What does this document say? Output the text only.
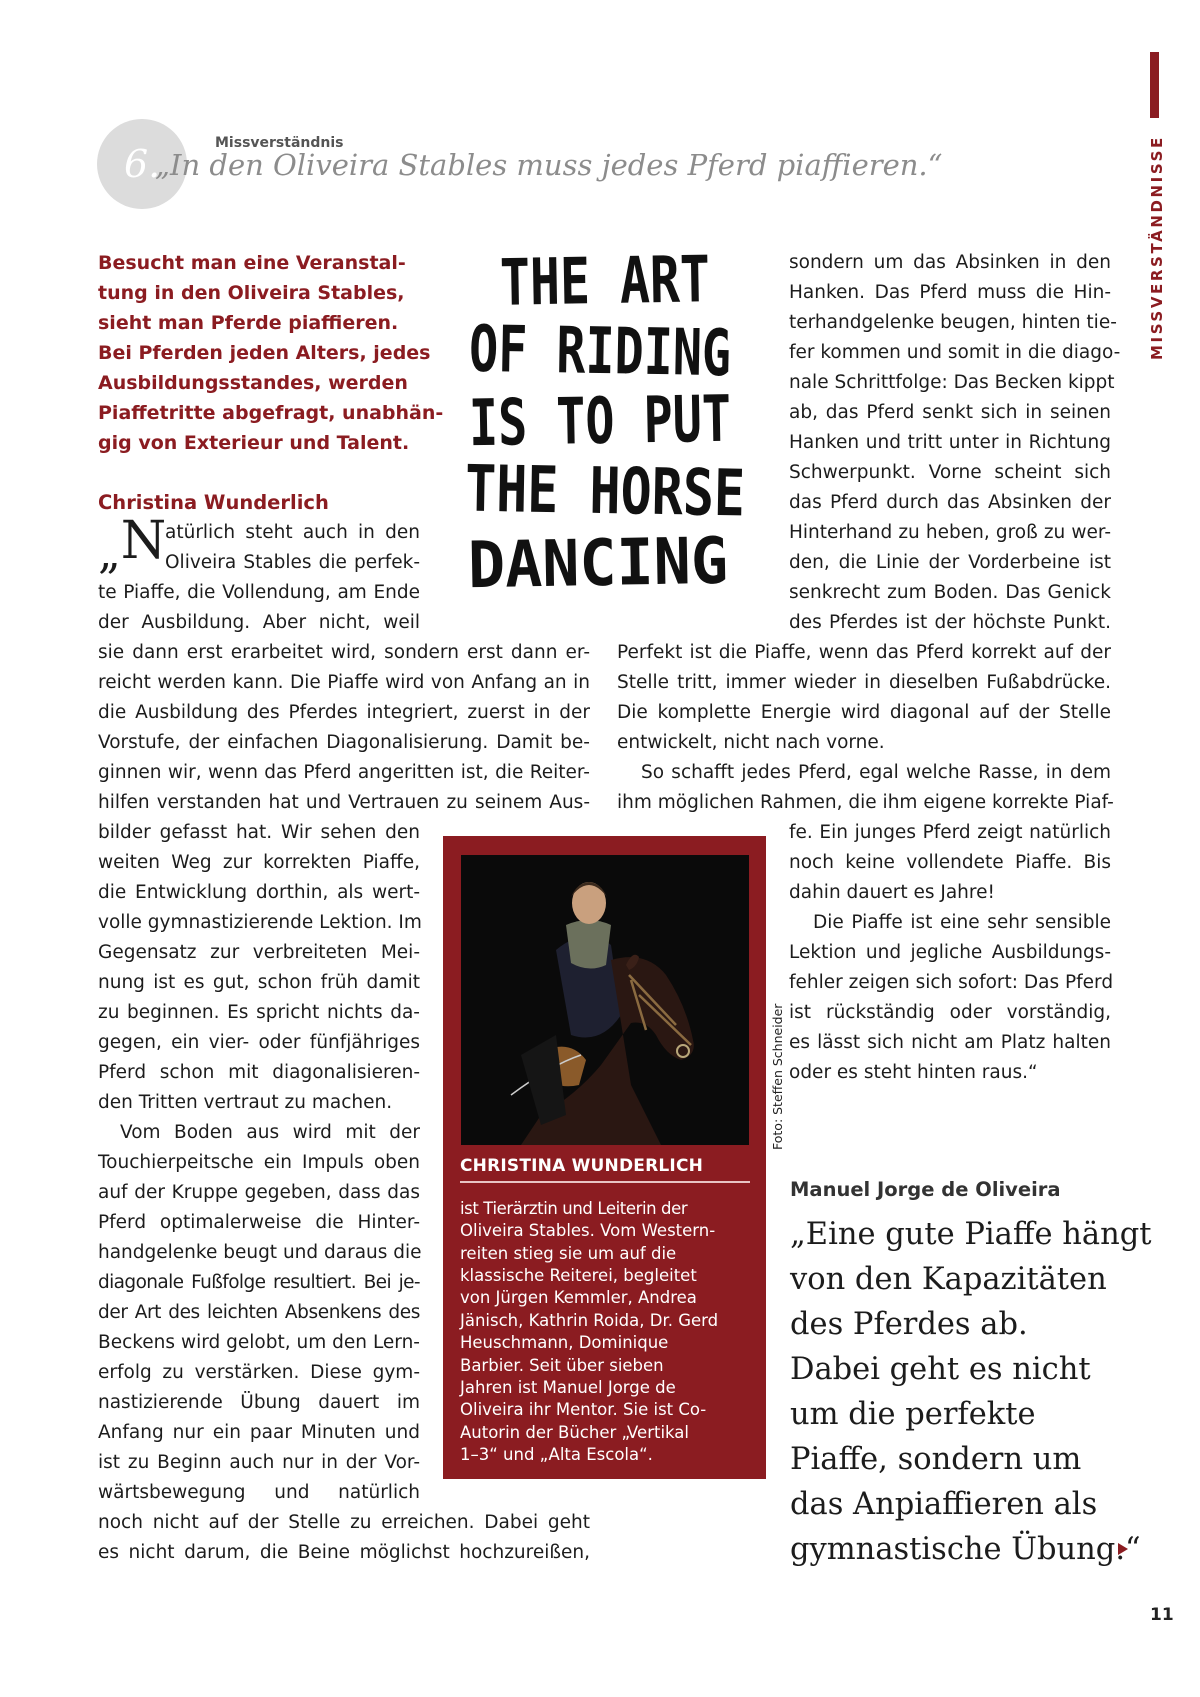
MISSVERSTÄNDNISSE
6.	Missverständnis
„In den Oliveira Stables muss jedes Pferd piaffieren.“
Besucht man eine Veranstal-
tung in den Oliveira Stables,
sieht man Pferde piaffieren.
Bei Pferden jeden Alters, jedes
Ausbildungsstandes, werden
Piaffetritte abgefragt, unabhän-
gig von Exterieur und Talent.
Christina Wunderlich
„N
atürlich steht auch in den
Oliveira Stables die perfek-
te Piaffe, die Vollendung, am Ende
der Ausbildung. Aber nicht, weil
sie dann erst erarbeitet wird, sondern erst dann er-
reicht werden kann. Die Piaffe wird von Anfang an in
die Ausbildung des Pferdes integriert, zuerst in der
Vorstufe, der einfachen Diagonalisierung. Damit be-
ginnen wir, wenn das Pferd angeritten ist, die Reiter-
hilfen verstanden hat und Vertrauen zu seinem Aus-
bilder gefasst hat. Wir sehen den
weiten Weg zur korrekten Piaffe,
die Entwicklung dorthin, als wert-
volle gymnastizierende Lektion. Im
Gegensatz zur verbreiteten Mei-
nung ist es gut, schon früh damit
zu beginnen. Es spricht nichts da-
gegen, ein vier- oder fünfjähriges
Pferd schon mit diagonalisieren-
den Tritten vertraut zu machen.
Vom Boden aus wird mit der
Touchierpeitsche ein Impuls oben
auf der Kruppe gegeben, dass das
Pferd optimalerweise die Hinter-
handgelenke beugt und daraus die
diagonale Fußfolge resultiert. Bei je-
der Art des leichten Absenkens des
Beckens wird gelobt, um den Lern-
erfolg zu verstärken. Diese gym-
nastizierende Übung dauert im
Anfang nur ein paar Minuten und
ist zu Beginn auch nur in der Vor-
wärtsbewegung und natürlich
noch nicht auf der Stelle zu erreichen. Dabei geht
es nicht darum, die Beine möglichst hochzureißen,
sondern um das Absinken in den
Hanken. Das Pferd muss die Hin-
terhandgelenke beugen, hinten tie-
fer kommen und somit in die diago-
nale Schrittfolge: Das Becken kippt
ab, das Pferd senkt sich in seinen
Hanken und tritt unter in Richtung
Schwerpunkt. Vorne scheint sich
das Pferd durch das Absinken der
Hinterhand zu heben, groß zu wer-
den, die Linie der Vorderbeine ist
senkrecht zum Boden. Das Genick
des Pferdes ist der höchste Punkt.
Perfekt ist die Piaffe, wenn das Pferd korrekt auf der
Stelle tritt, immer wieder in dieselben Fußabdrücke.
Die komplette Energie wird diagonal auf der Stelle
entwickelt, nicht nach vorne.
So schafft jedes Pferd, egal welche Rasse, in dem
ihm möglichen Rahmen, die ihm eigene korrekte Piaf-
fe. Ein junges Pferd zeigt natürlich
noch keine vollendete Piaffe. Bis
dahin dauert es Jahre!
Die Piaffe ist eine sehr sensible
Lektion und jegliche Ausbildungs-
fehler zeigen sich sofort: Das Pferd
ist rückständig oder vorständig,
es lässt sich nicht am Platz halten
oder es steht hinten raus.“
THE ART
OF RIDING
IS TO PUT
THE HORSE
DANCING
Foto: Steffen Schneider
CHRISTINA WUNDERLICH
ist Tierärztin und Leiterin der
Oliveira Stables. Vom Western-
reiten stieg sie um auf die
klassische Reiterei, begleitet
von Jürgen Kemmler, Andrea
Jänisch, Kathrin Roida, Dr. Gerd
Heuschmann, Dominique
Barbier. Seit über sieben
Jahren ist Manuel Jorge de
Oliveira ihr Mentor. Sie ist Co-
Autorin der Bücher „Vertikal
1–3“ und „Alta Escola“.
Manuel Jorge de Oliveira
„Eine gute Piaffe hängt
von den Kapazitäten
des Pferdes ab.
Dabei geht es nicht
um die perfekte
Piaffe, sondern um
das Anpiaffieren als
gymnastische Übung.“
11
